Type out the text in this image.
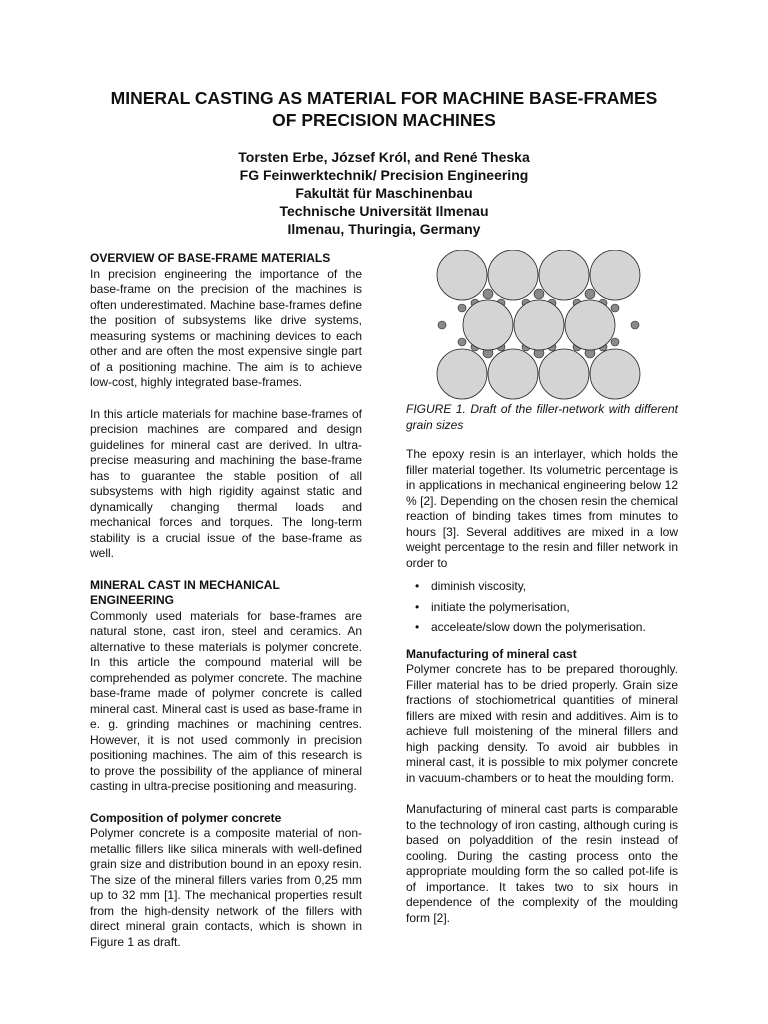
MINERAL CASTING AS MATERIAL FOR MACHINE BASE-FRAMES
OF PRECISION MACHINES
Torsten Erbe, József Król, and René Theska
FG Feinwerktechnik/ Precision Engineering
Fakultät für Maschinenbau
Technische Universität Ilmenau
Ilmenau, Thuringia, Germany
OVERVIEW OF BASE-FRAME MATERIALS

In precision engineering the importance of the base-frame on the precision of the machines is often underestimated. Machine base-frames define the position of subsystems like drive systems, measuring systems or machining devices to each other and are often the most expensive single part of a positioning machine. The aim is to achieve low-cost, highly integrated base-frames.

In this article materials for machine base-frames of precision machines are compared and design guidelines for mineral cast are derived. In ultra-precise measuring and machining the base-frame has to guarantee the stable position of all subsystems with high rigidity against static and dynamically changing thermal loads and mechanical forces and torques. The long-term stability is a crucial issue of the base-frame as well.

MINERAL CAST IN MECHANICAL ENGINEERING

Commonly used materials for base-frames are natural stone, cast iron, steel and ceramics. An alternative to these materials is polymer concrete. In this article the compound material will be comprehended as polymer concrete. The machine base-frame made of polymer concrete is called mineral cast. Mineral cast is used as base-frame in e. g. grinding machines or machining centres. However, it is not used commonly in precision positioning machines. The aim of this research is to prove the possibility of the appliance of mineral casting in ultra-precise positioning and measuring.

Composition of polymer concrete

Polymer concrete is a composite material of non-metallic fillers like silica minerals with well-defined grain size and distribution bound in an epoxy resin. The size of the mineral fillers varies from 0,25 mm up to 32 mm [1]. The mechanical properties result from the high-density network of the fillers with direct mineral grain contacts, which is shown in Figure 1 as draft.

FIGURE 1. Draft of the filler-network with different grain sizes

The epoxy resin is an interlayer, which holds the filler material together. Its volumetric percentage is in applications in mechanical engineering below 12 % [2]. Depending on the chosen resin the chemical reaction of binding takes times from minutes to hours [3]. Several additives are mixed in a low weight percentage to the resin and filler network in order to

• diminish viscosity,
• initiate the polymerisation,
• acceleate/slow down the polymerisation.
Manufacturing of mineral cast

Polymer concrete has to be prepared thoroughly. Filler material has to be dried properly. Grain size fractions of stochiometrical quantities of mineral fillers are mixed with resin and additives. Aim is to achieve full moistening of the mineral fillers and high packing density. To avoid air bubbles in mineral cast, it is possible to mix polymer concrete in vacuum-chambers or to heat the moulding form.

Manufacturing of mineral cast parts is comparable to the technology of iron casting, although curing is based on polyaddition of the resin instead of cooling. During the casting process onto the appropriate moulding form the so called pot-life is of importance. It takes two to six hours in dependence of the complexity of the moulding form [2].
